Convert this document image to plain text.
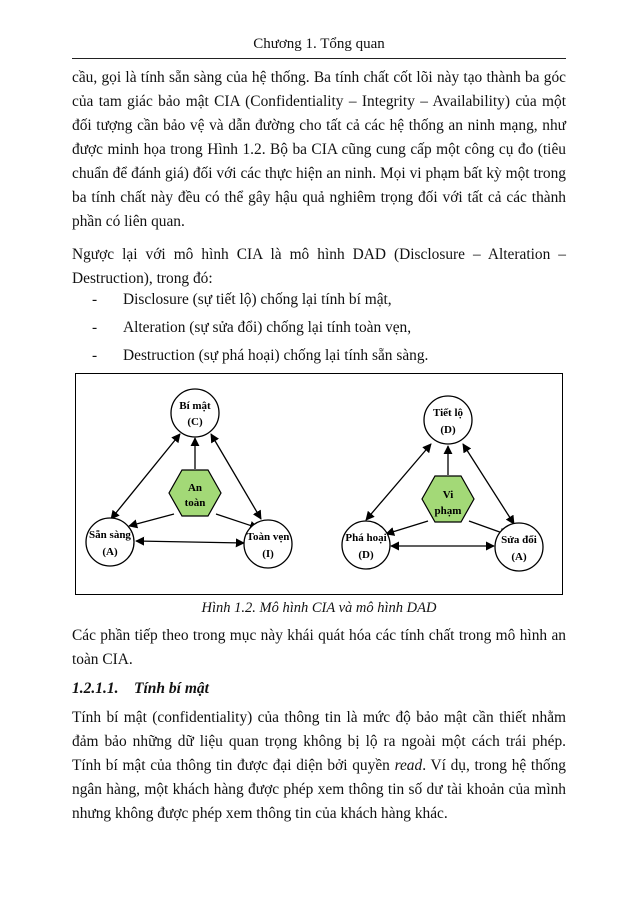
Chương 1. Tổng quan

cầu, gọi là tính sẵn sàng của hệ thống. Ba tính chất cốt lõi này tạo thành ba góc của tam giác bảo mật CIA (Confidentiality – Integrity – Availability) của một đối tượng cần bảo vệ và dẫn đường cho tất cả các hệ thống an ninh mạng, như được minh họa trong Hình 1.2. Bộ ba CIA cũng cung cấp một công cụ đo (tiêu chuẩn để đánh giá) đối với các thực hiện an ninh. Mọi vi phạm bất kỳ một trong ba tính chất này đều có thể gây hậu quả nghiêm trọng đối với tất cả các thành phần có liên quan.

Ngược lại với mô hình CIA là mô hình DAD (Disclosure – Alteration – Destruction), trong đó:

- Disclosure (sự tiết lộ) chống lại tính bí mật,
- Alteration (sự sửa đổi) chống lại tính toàn vẹn,
- Destruction (sự phá hoại) chống lại tính sẵn sàng.
An
toàn
Bí mật
(C)
Sẵn sàng
(A)
Toàn vẹn
(I)
Vi
phạm
Tiết lộ
(D)
Phá hoại
(D)
Sửa đổi
(A)
Hình 1.2. Mô hình CIA và mô hình DAD

Các phần tiếp theo trong mục này khái quát hóa các tính chất trong mô hình an toàn CIA.

1.2.1.1. Tính bí mật

Tính bí mật (confidentiality) của thông tin là mức độ bảo mật cần thiết nhằm đảm bảo những dữ liệu quan trọng không bị lộ ra ngoài một cách trái phép. Tính bí mật của thông tin được đại diện bởi quyền read. Ví dụ, trong hệ thống ngân hàng, một khách hàng được phép xem thông tin số dư tài khoản của mình nhưng không được phép xem thông tin của khách hàng khác.
